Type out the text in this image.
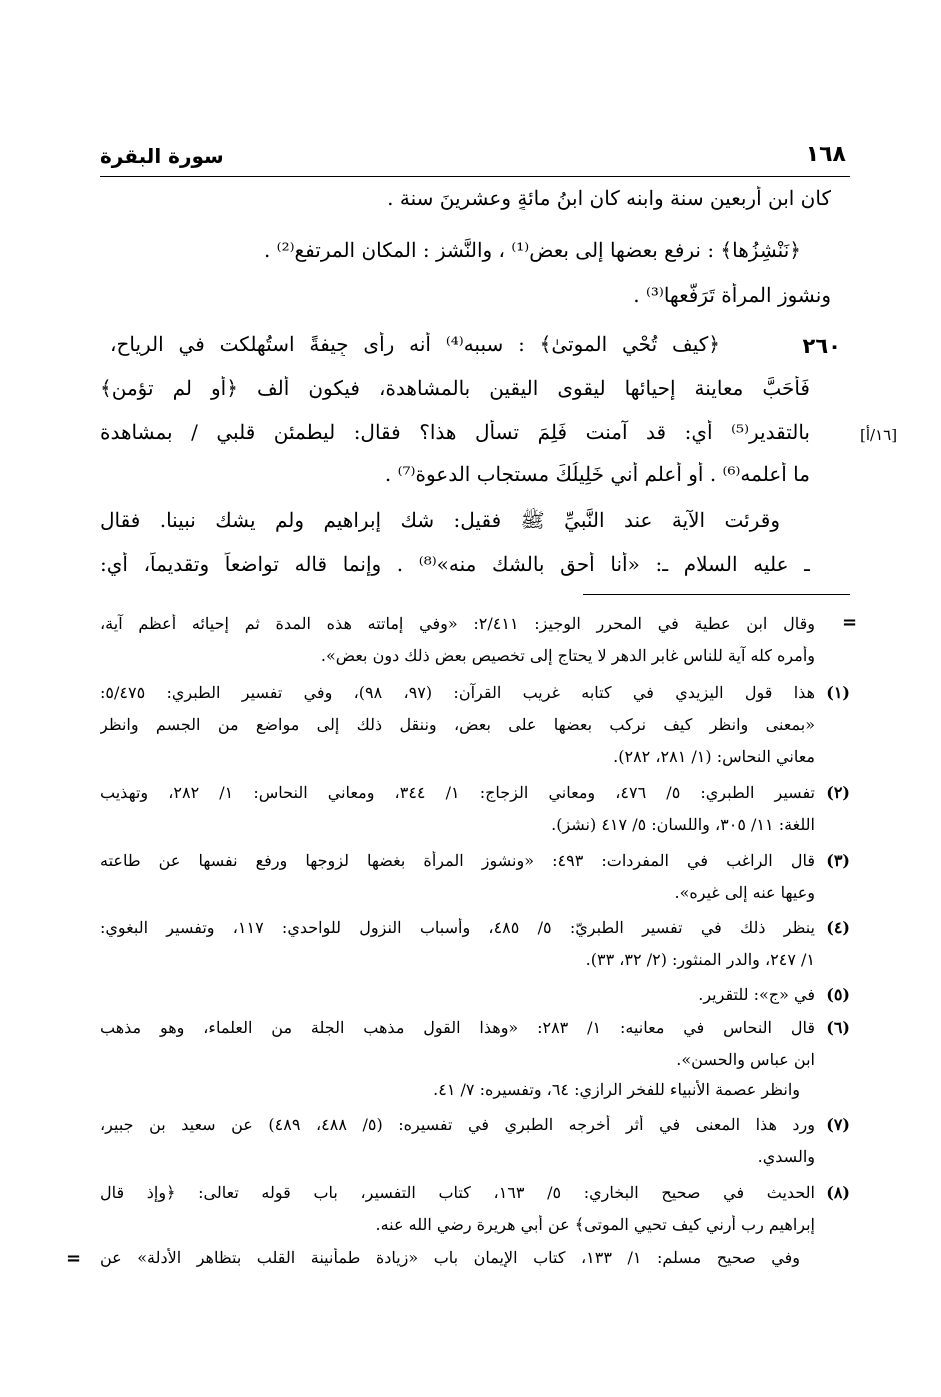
سورة البقرة	١٦٨
كان ابن أربعين سنة وابنه كان ابنُ مائةٍ وعشرينَ سنة .
﴿نَنْشِزُها﴾ : نرفع بعضها إلى بعض⁽¹⁾ ، والنَّشز : المكان المرتفع⁽²⁾ .
ونشوز المرأة تَرَفُّعها⁽³⁾ .
٢٦٠
﴿كيف تُحْيِ الموتىٰ﴾ : سببه⁽⁴⁾ أنه رأى جِيفةً استُهلكت في الرياح،
فَأَحَبَّ معاينة إحيائها ليقوى اليقين بالمشاهدة، فيكون ألف ﴿أو لم تؤمن﴾
[١٦/أ]
بالتقدير⁽⁵⁾ أي: قد آمنت فَلِمَ تسأل هذا؟ فقال: ليطمئن قلبي / بمشاهدة
ما أعلمه⁽⁶⁾ . أو أعلم أني خَلِيلُكَ مستجاب الدعوة⁽⁷⁾ .
وقرئت الآية عند النَّبيِّ ﷺ فقيل: شك إبراهيم ولم يشك نبينا. فقال
ـ عليه السلام ـ: «أنا أحق بالشك منه»⁽⁸⁾ . وإنما قاله تواضعاً وتقديماً، أي:
=
وقال ابن عطية في المحرر الوجيز: ٢/٤١١: «وفي إماتته هذه المدة ثم إحيائه أعظم آية،
وأمره كله آية للناس غابر الدهر لا يحتاج إلى تخصيص بعض ذلك دون بعض».
(١)
هذا قول اليزيدي في كتابه غريب القرآن: (٩٧، ٩٨)، وفي تفسير الطبري: ٥/٤٧٥:
«بمعنى وانظر كيف نركب بعضها على بعض، وننقل ذلك إلى مواضع من الجسم وانظر
معاني النحاس: (١/ ٢٨١، ٢٨٢).
(٢)
تفسير الطبري: ٥/ ٤٧٦، ومعاني الزجاج: ١/ ٣٤٤، ومعاني النحاس: ١/ ٢٨٢، وتهذيب
اللغة: ١١/ ٣٠٥، واللسان: ٥/ ٤١٧ (نشز).
(٣)
قال الراغب في المفردات: ٤٩٣: «ونشوز المرأة بغضها لزوجها ورفع نفسها عن طاعته
وعيها عنه إلى غيره».
(٤)
ينظر ذلك في تفسير الطبريّ: ٥/ ٤٨٥، وأسباب النزول للواحدي: ١١٧، وتفسير البغوي:
١/ ٢٤٧، والدر المنثور: (٢/ ٣٢، ٣٣).
(٥)
في «ج»: للتقرير.
(٦)
قال النحاس في معانيه: ١/ ٢٨٣: «وهذا القول مذهب الجلة من العلماء، وهو مذهب
ابن عباس والحسن».
وانظر عصمة الأنبياء للفخر الرازي: ٦٤، وتفسيره: ٧/ ٤١.
(٧)
ورد هذا المعنى في أثر أخرجه الطبري في تفسيره: (٥/ ٤٨٨، ٤٨٩) عن سعيد بن جبير،
والسدي.
(٨)
الحديث في صحيح البخاري: ٥/ ١٦٣، كتاب التفسير، باب قوله تعالى: ﴿وإذ قال
إبراهيم رب أرني كيف تحيي الموتى﴾ عن أبي هريرة رضي الله عنه.
وفي صحيح مسلم: ١/ ١٣٣، كتاب الإيمان باب «زيادة طمأنينة القلب بتظاهر الأدلة» عن
=
